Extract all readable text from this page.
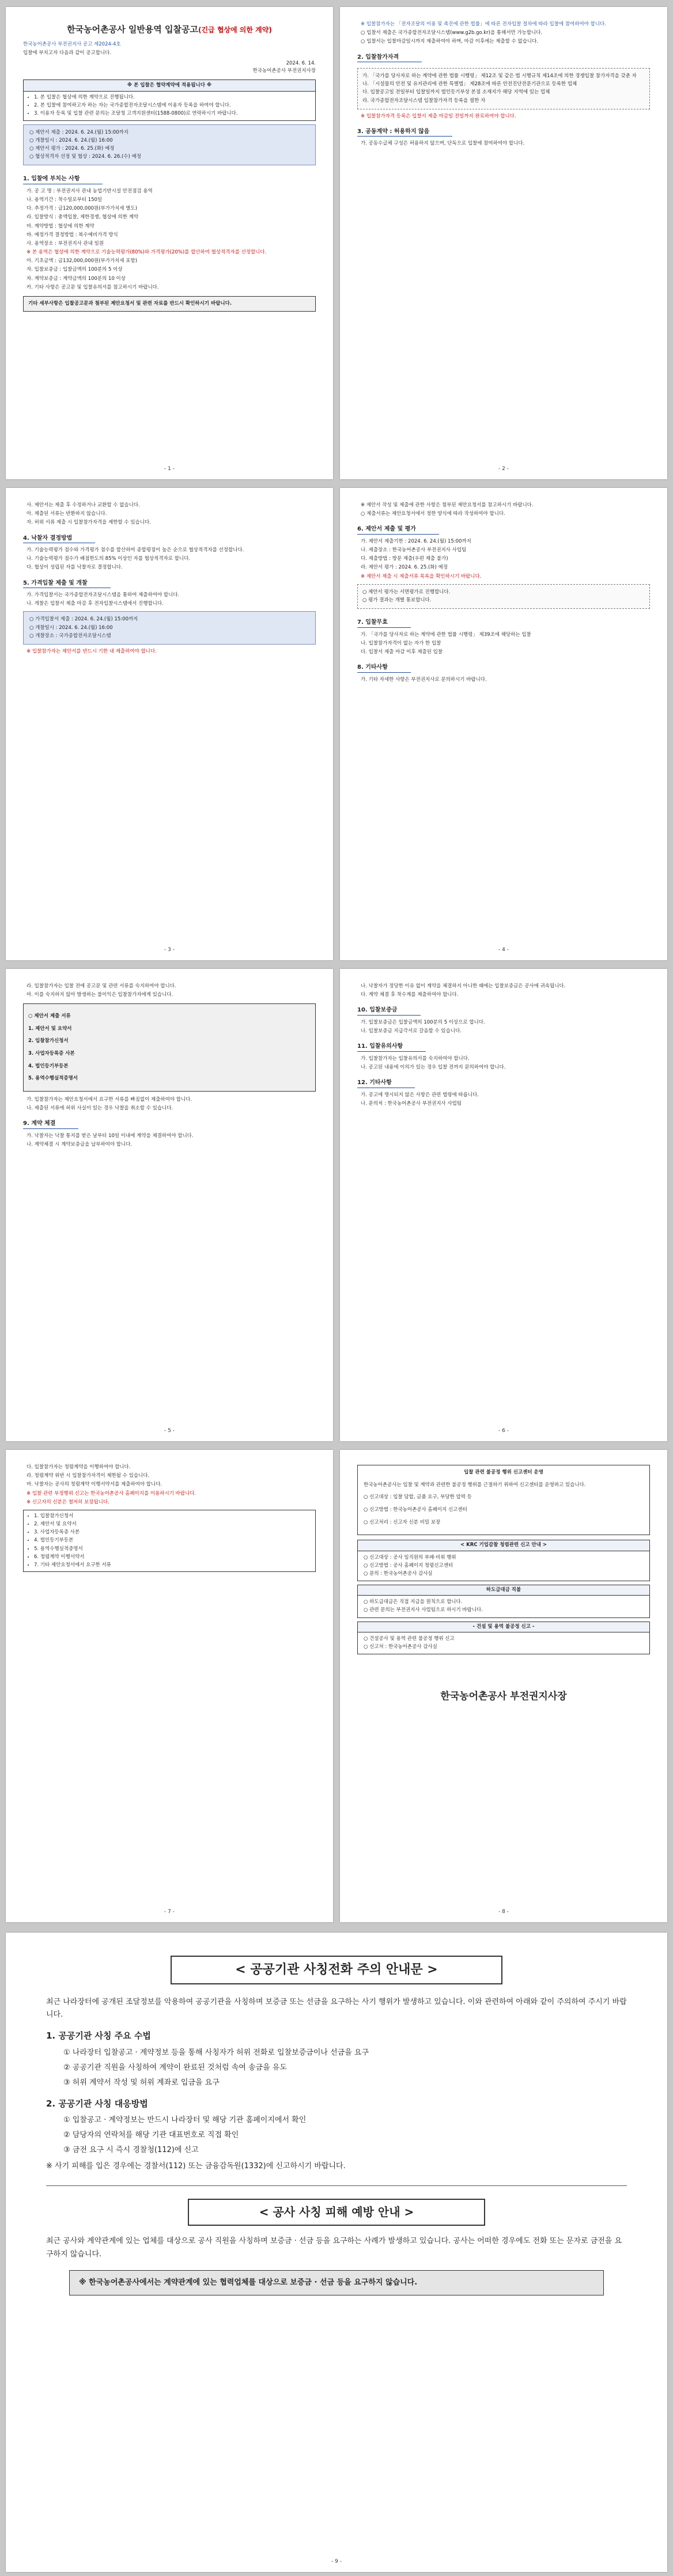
한국농어촌공사 일반용역 입찰공고(긴급 협상에 의한 계약)

한국농어촌공사 부전권지사 공고 제2024-4호

입찰에 부치고자 다음과 같이 공고합니다.

2024. 6. 14.

한국농어촌공사 부전권지사장

※ 본 입찰은 협약계약에 적용됩니다 ※
• 1. 본 입찰은 협상에 의한 계약으로 진행됩니다.
• 2. 본 입찰에 참여하고자 하는 자는 국가종합전자조달시스템에 이용자 등록을 하여야 합니다.
• 3. 이용자 등록 및 입찰 관련 문의는 조달청 고객지원센터(1588-0800)로 연락하시기 바랍니다.

○ 제안서 제출 : 2024. 6. 24.(월) 15:00까지

○ 개찰일시 : 2024. 6. 24.(월) 16:00

○ 제안서 평가 : 2024. 6. 25.(화) 예정

○ 협상적격자 선정 및 협상 : 2024. 6. 26.(수) 예정

1. 입찰에 부치는 사항

가. 공 고 명 : 부전권지사 관내 농업기반시설 안전점검 용역

나. 용역기간 : 착수일로부터 150일

다. 추정가격 : 금120,000,000원(부가가치세 별도)

라. 입찰방식 : 총액입찰, 제한경쟁, 협상에 의한 계약

마. 계약방법 : 협상에 의한 계약

바. 예정가격 결정방법 : 복수예비가격 방식

사. 용역장소 : 부전권지사 관내 일원

※ 본 용역은 협상에 의한 계약으로 기술능력평가(80%)와 가격평가(20%)를 합산하여 협상적격자를 선정합니다.

아. 기초금액 : 금132,000,000원(부가가치세 포함)

자. 입찰보증금 : 입찰금액의 100분의 5 이상

차. 계약보증금 : 계약금액의 100분의 10 이상

카. 기타 사항은 공고문 및 입찰유의서를 참고하시기 바랍니다.

기타 세부사항은 입찰공고문과 첨부된 제안요청서 및 관련 자료를 반드시 확인하시기 바랍니다.
- 1 -

※ 입찰참가자는 「전자조달의 이용 및 촉진에 관한 법률」에 따른 전자입찰 절차에 따라 입찰에 참여하여야 합니다.

○ 입찰서 제출은 국가종합전자조달시스템(www.g2b.go.kr)을 통해서만 가능합니다.

○ 입찰서는 입찰마감일시까지 제출하여야 하며, 마감 이후에는 제출할 수 없습니다.

2. 입찰참가자격

가. 「국가를 당사자로 하는 계약에 관한 법률 시행령」 제12조 및 같은 법 시행규칙 제14조에 의한 경쟁입찰 참가자격을 갖춘 자

나. 「시설물의 안전 및 유지관리에 관한 특별법」 제28조에 따른 안전진단전문기관으로 등록한 업체

다. 입찰공고일 전일부터 입찰일까지 법인등기부상 본점 소재지가 해당 지역에 있는 업체

라. 국가종합전자조달시스템 입찰참가자격 등록을 필한 자

※ 입찰참가자격 등록은 입찰서 제출 마감일 전일까지 완료하여야 합니다.

3. 공동계약 : 허용하지 않음

가. 공동수급체 구성은 허용하지 않으며, 단독으로 입찰에 참여하여야 합니다.

- 2 -

사. 제안서는 제출 후 수정하거나 교환할 수 없습니다.

아. 제출된 서류는 반환하지 않습니다.

자. 허위 서류 제출 시 입찰참가자격을 제한할 수 있습니다.

4. 낙찰자 결정방법

가. 기술능력평가 점수와 가격평가 점수를 합산하여 종합평점이 높은 순으로 협상적격자를 선정합니다.

나. 기술능력평가 점수가 배점한도의 85% 이상인 자를 협상적격자로 합니다.

다. 협상이 성립된 자를 낙찰자로 결정합니다.

5. 가격입찰 제출 및 개찰

가. 가격입찰서는 국가종합전자조달시스템을 통하여 제출하여야 합니다.

나. 개찰은 입찰서 제출 마감 후 전자입찰시스템에서 진행합니다.

○ 가격입찰서 제출 : 2024. 6. 24.(월) 15:00까지

○ 개찰일시 : 2024. 6. 24.(월) 16:00

○ 개찰장소 : 국가종합전자조달시스템

※ 입찰참가자는 제안서를 반드시 기한 내 제출하여야 합니다.

- 3 -

※ 제안서 작성 및 제출에 관한 사항은 첨부된 제안요청서를 참고하시기 바랍니다.

○ 제출서류는 제안요청서에서 정한 양식에 따라 작성하여야 합니다.

6. 제안서 제출 및 평가

가. 제안서 제출기한 : 2024. 6. 24.(월) 15:00까지

나. 제출장소 : 한국농어촌공사 부전권지사 사업팀

다. 제출방법 : 방문 제출(우편 제출 불가)

라. 제안서 평가 : 2024. 6. 25.(화) 예정

※ 제안서 제출 시 제출서류 목록을 확인하시기 바랍니다.

○ 제안서 평가는 서면평가로 진행합니다.

○ 평가 결과는 개별 통보합니다.

7. 입찰무효

가. 「국가를 당사자로 하는 계약에 관한 법률 시행령」 제39조에 해당하는 입찰

나. 입찰참가자격이 없는 자가 한 입찰

다. 입찰서 제출 마감 이후 제출된 입찰

8. 기타사항

가. 기타 자세한 사항은 부전권지사로 문의하시기 바랍니다.

- 4 -

라. 입찰참가자는 입찰 전에 공고문 및 관련 서류를 숙지하여야 합니다.

마. 이를 숙지하지 않아 발생하는 불이익은 입찰참가자에게 있습니다.

○ 제안서 제출 서류

1. 제안서 및 요약서

2. 입찰참가신청서

3. 사업자등록증 사본

4. 법인등기부등본

5. 용역수행실적증명서

가. 입찰참가자는 제안요청서에서 요구한 서류를 빠짐없이 제출하여야 합니다.

나. 제출된 서류에 허위 사실이 있는 경우 낙찰을 취소할 수 있습니다.

9. 계약 체결

가. 낙찰자는 낙찰 통지를 받은 날부터 10일 이내에 계약을 체결하여야 합니다.

나. 계약체결 시 계약보증금을 납부하여야 합니다.

- 5 -

나. 낙찰자가 정당한 이유 없이 계약을 체결하지 아니한 때에는 입찰보증금은 공사에 귀속됩니다.

다. 계약 체결 후 착수계를 제출하여야 합니다.

10. 입찰보증금

가. 입찰보증금은 입찰금액의 100분의 5 이상으로 합니다.

나. 입찰보증금 지급각서로 갈음할 수 있습니다.

11. 입찰유의사항

가. 입찰참가자는 입찰유의서를 숙지하여야 합니다.

나. 공고된 내용에 이의가 있는 경우 입찰 전까지 문의하여야 합니다.

12. 기타사항

가. 공고에 명시되지 않은 사항은 관련 법령에 따릅니다.

나. 문의처 : 한국농어촌공사 부전권지사 사업팀

- 6 -

다. 입찰참가자는 청렴계약을 이행하여야 합니다.

라. 청렴계약 위반 시 입찰참가자격이 제한될 수 있습니다.

마. 낙찰자는 공사의 청렴계약 이행서약서를 제출하여야 합니다.

※ 입찰 관련 부정행위 신고는 한국농어촌공사 홈페이지를 이용하시기 바랍니다.

※ 신고자의 신분은 철저히 보장됩니다.

• 1. 입찰참가신청서
• 2. 제안서 및 요약서
• 3. 사업자등록증 사본
• 4. 법인등기부등본
• 5. 용역수행실적증명서
• 6. 청렴계약 이행서약서
• 7. 기타 제안요청서에서 요구한 서류
- 7 -
입찰 관련 불공정 행위 신고센터 운영

한국농어촌공사는 입찰 및 계약과 관련한 불공정 행위를 근절하기 위하여 신고센터를 운영하고 있습니다.

○ 신고대상 : 입찰 담합, 금품 요구, 부당한 압력 등

○ 신고방법 : 한국농어촌공사 홈페이지 신고센터

○ 신고처리 : 신고자 신분 비밀 보장

< KRC 기업감찰 청렴관련 신고 안내 >

○ 신고대상 : 공사 임직원의 부패·비위 행위

○ 신고방법 : 공사 홈페이지 청렴신고센터

○ 문의 : 한국농어촌공사 감사실

하도급대금 직불

○ 하도급대금은 직접 지급을 원칙으로 합니다.

○ 관련 문의는 부전권지사 사업팀으로 하시기 바랍니다.

- 건설 및 용역 불공정 신고 -

○ 건설공사 및 용역 관련 불공정 행위 신고

○ 신고처 : 한국농어촌공사 감사실

한국농어촌공사 부전권지사장
- 8 -
< 공공기관 사칭전화 주의 안내문 >

최근 나라장터에 공개된 조달정보를 악용하여 공공기관을 사칭하며 보증금 또는 선금을 요구하는 사기 행위가 발생하고 있습니다. 이와 관련하여 아래와 같이 주의하여 주시기 바랍니다.

1. 공공기관 사칭 주요 수법

① 나라장터 입찰공고 · 계약정보 등을 통해 사칭자가 허위 전화로 입찰보증금이나 선금을 요구

② 공공기관 직원을 사칭하여 계약이 완료된 것처럼 속여 송금을 유도

③ 허위 계약서 작성 및 허위 계좌로 입금을 요구

2. 공공기관 사칭 대응방법

① 입찰공고 · 계약정보는 반드시 나라장터 및 해당 기관 홈페이지에서 확인

② 담당자의 연락처를 해당 기관 대표번호로 직접 확인

③ 금전 요구 시 즉시 경찰청(112)에 신고

※ 사기 피해를 입은 경우에는 경찰서(112) 또는 금융감독원(1332)에 신고하시기 바랍니다.

< 공사 사칭 피해 예방 안내 >

최근 공사와 계약관계에 있는 업체를 대상으로 공사 직원을 사칭하며 보증금 · 선금 등을 요구하는 사례가 발생하고 있습니다. 공사는 어떠한 경우에도 전화 또는 문자로 금전을 요구하지 않습니다.

※ 한국농어촌공사에서는 계약관계에 있는 협력업체를 대상으로 보증금 · 선금 등을 요구하지 않습니다.
- 9 -
